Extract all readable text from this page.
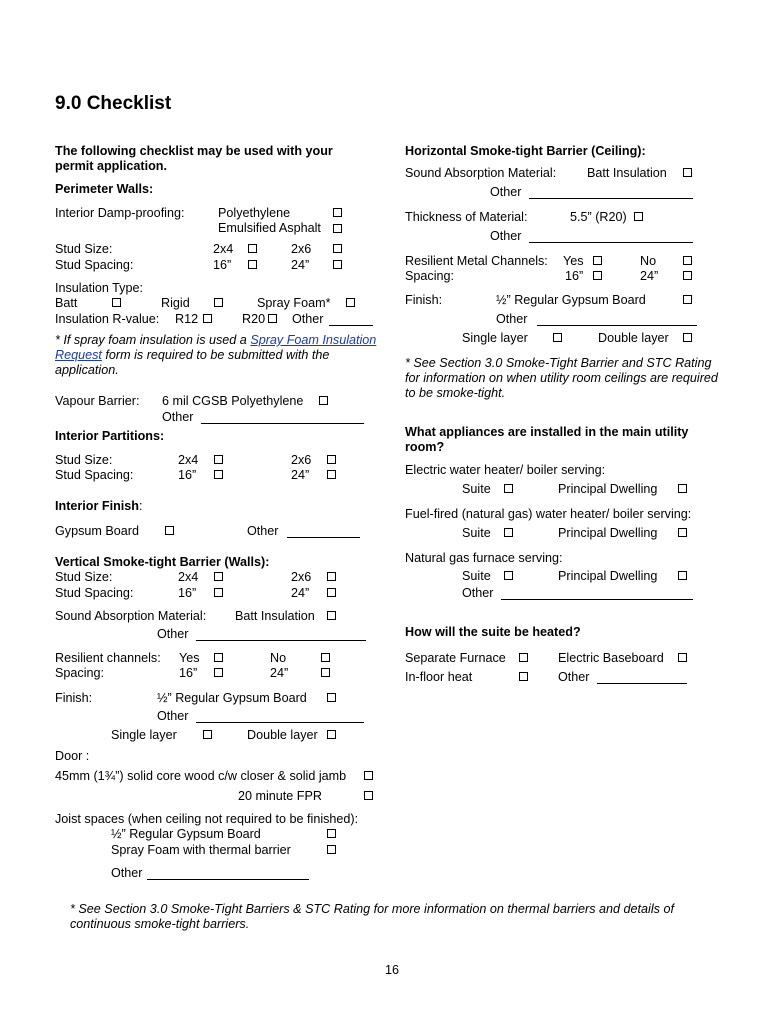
9.0 Checklist
The following checklist may be used with your
permit application.
Perimeter Walls:
Interior Damp-proofing:	Polyethylene
Emulsified Asphalt
Stud Size:	2x4	2x6
Stud Spacing:	16”	24”
Insulation Type:
Batt	Rigid	Spray Foam*
Insulation R-value: R12	R20 Other
* If spray foam insulation is used a Spray Foam Insulation
Request form is required to be submitted with the
application.
Vapour Barrier: 6 mil CGSB Polyethylene
Other
Interior Partitions:
Stud Size:	2x4	2x6
Stud Spacing:	16”	24”
Interior Finish:
Gypsum Board	Other
Vertical Smoke-tight Barrier (Walls):
Stud Size:	2x4	2x6
Stud Spacing:	16”	24”
Sound Absorption Material: Batt Insulation
Other
Resilient channels: Yes	No
Spacing:	16”	24”
Finish:	½” Regular Gypsum Board
Other
Single layer	Double layer
Door :
45mm (1¾”) solid core wood c/w closer & solid jamb
20 minute FPR
Joist spaces (when ceiling not required to be finished):
½” Regular Gypsum Board
Spray Foam with thermal barrier
Other
Horizontal Smoke-tight Barrier (Ceiling):
Sound Absorption Material: Batt Insulation
Other
Thickness of Material:	5.5” (R20)
Other
Resilient Metal Channels: Yes	No
Spacing:	16”	24”
Finish:	½” Regular Gypsum Board
Other
Single layer	Double layer
* See Section 3.0 Smoke-Tight Barrier and STC Rating
for information on when utility room ceilings are required
to be smoke-tight.
What appliances are installed in the main utility
room?
Electric water heater/ boiler serving:
Suite	Principal Dwelling
Fuel-fired (natural gas) water heater/ boiler serving:
Suite	Principal Dwelling
Natural gas furnace serving:
Suite	Principal Dwelling
Other
How will the suite be heated?
Separate Furnace	Electric Baseboard
In-floor heat	Other
* See Section 3.0 Smoke-Tight Barriers & STC Rating for more information on thermal barriers and details of
continuous smoke-tight barriers.
16
